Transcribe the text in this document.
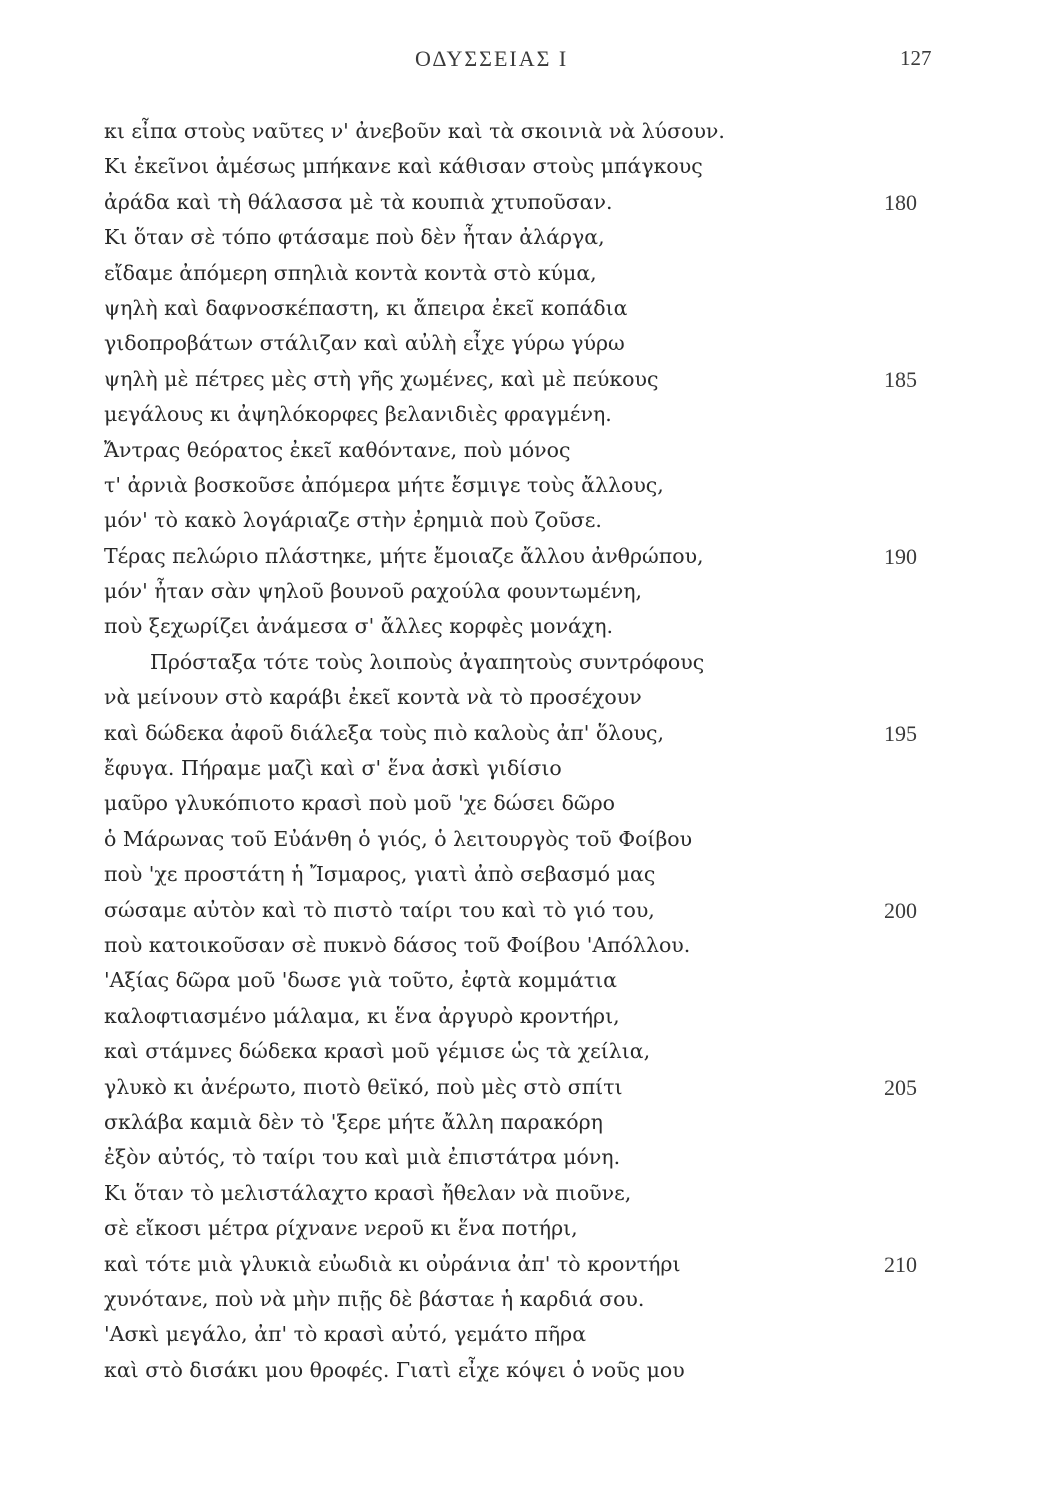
ΟΔΥΣΣΕΙΑΣ Ι	127
κι εἶπα στοὺς ναῦτες ν' ἀνεβοῦν καὶ τὰ σκοινιὰ νὰ λύσουν.
Κι ἐκεῖνοι ἀμέσως μπήκανε καὶ κάθισαν στοὺς μπάγκους
ἀράδα καὶ τὴ θάλασσα μὲ τὰ κουπιὰ χτυποῦσαν.	180
Κι ὅταν σὲ τόπο φτάσαμε ποὺ δὲν ἦταν ἀλάργα,
εἴδαμε ἀπόμερη σπηλιὰ κοντὰ κοντὰ στὸ κύμα,
ψηλὴ καὶ δαφνοσκέπαστη, κι ἄπειρα ἐκεῖ κοπάδια
γιδοπροβάτων στάλιζαν καὶ αὐλὴ εἶχε γύρω γύρω
ψηλὴ μὲ πέτρες μὲς στὴ γῆς χωμένες, καὶ μὲ πεύκους	185
μεγάλους κι ἀψηλόκορφες βελανιδιὲς φραγμένη.
Ἄντρας θεόρατος ἐκεῖ καθόντανε, ποὺ μόνος
τ' ἀρνιὰ βοσκοῦσε ἀπόμερα μήτε ἔσμιγε τοὺς ἄλλους,
μόν' τὸ κακὸ λογάριαζε στὴν ἐρημιὰ ποὺ ζοῦσε.
Τέρας πελώριο πλάστηκε, μήτε ἔμοιαζε ἄλλου ἀνθρώπου,	190
μόν' ἦταν σὰν ψηλοῦ βουνοῦ ραχούλα φουντωμένη,
ποὺ ξεχωρίζει ἀνάμεσα σ' ἄλλες κορφὲς μονάχη.
Πρόσταξα τότε τοὺς λοιποὺς ἀγαπητοὺς συντρόφους
νὰ μείνουν στὸ καράβι ἐκεῖ κοντὰ νὰ τὸ προσέχουν
καὶ δώδεκα ἀφοῦ διάλεξα τοὺς πιὸ καλοὺς ἀπ' ὅλους,	195
ἔφυγα. Πήραμε μαζὶ καὶ σ' ἕνα ἀσκὶ γιδίσιο
μαῦρο γλυκόπιοτο κρασὶ ποὺ μοῦ 'χε δώσει δῶρο
ὁ Μάρωνας τοῦ Εὐάνθη ὁ γιός, ὁ λειτουργὸς τοῦ Φοίβου
ποὺ 'χε προστάτη ἡ Ἴσμαρος, γιατὶ ἀπὸ σεβασμό μας
σώσαμε αὐτὸν καὶ τὸ πιστὸ ταίρι του καὶ τὸ γιό του,	200
ποὺ κατοικοῦσαν σὲ πυκνὸ δάσος τοῦ Φοίβου 'Απόλλου.
'Αξίας δῶρα μοῦ 'δωσε γιὰ τοῦτο, ἐφτὰ κομμάτια
καλοφτιασμένο μάλαμα, κι ἕνα ἀργυρὸ κροντήρι,
καὶ στάμνες δώδεκα κρασὶ μοῦ γέμισε ὡς τὰ χείλια,
γλυκὸ κι ἀνέρωτο, πιοτὸ θεϊκό, ποὺ μὲς στὸ σπίτι	205
σκλάβα καμιὰ δὲν τὸ 'ξερε μήτε ἄλλη παρακόρη
ἐξὸν αὐτός, τὸ ταίρι του καὶ μιὰ ἐπιστάτρα μόνη.
Κι ὅταν τὸ μελιστάλαχτο κρασὶ ἤθελαν νὰ πιοῦνε,
σὲ εἴκοσι μέτρα ρίχνανε νεροῦ κι ἕνα ποτήρι,
καὶ τότε μιὰ γλυκιὰ εὐωδιὰ κι οὐράνια ἀπ' τὸ κροντήρι	210
χυνότανε, ποὺ νὰ μὴν πιῇς δὲ βάσταε ἡ καρδιά σου.
'Ασκὶ μεγάλο, ἀπ' τὸ κρασὶ αὐτό, γεμάτο πῆρα
καὶ στὸ δισάκι μου θροφές. Γιατὶ εἶχε κόψει ὁ νοῦς μου
